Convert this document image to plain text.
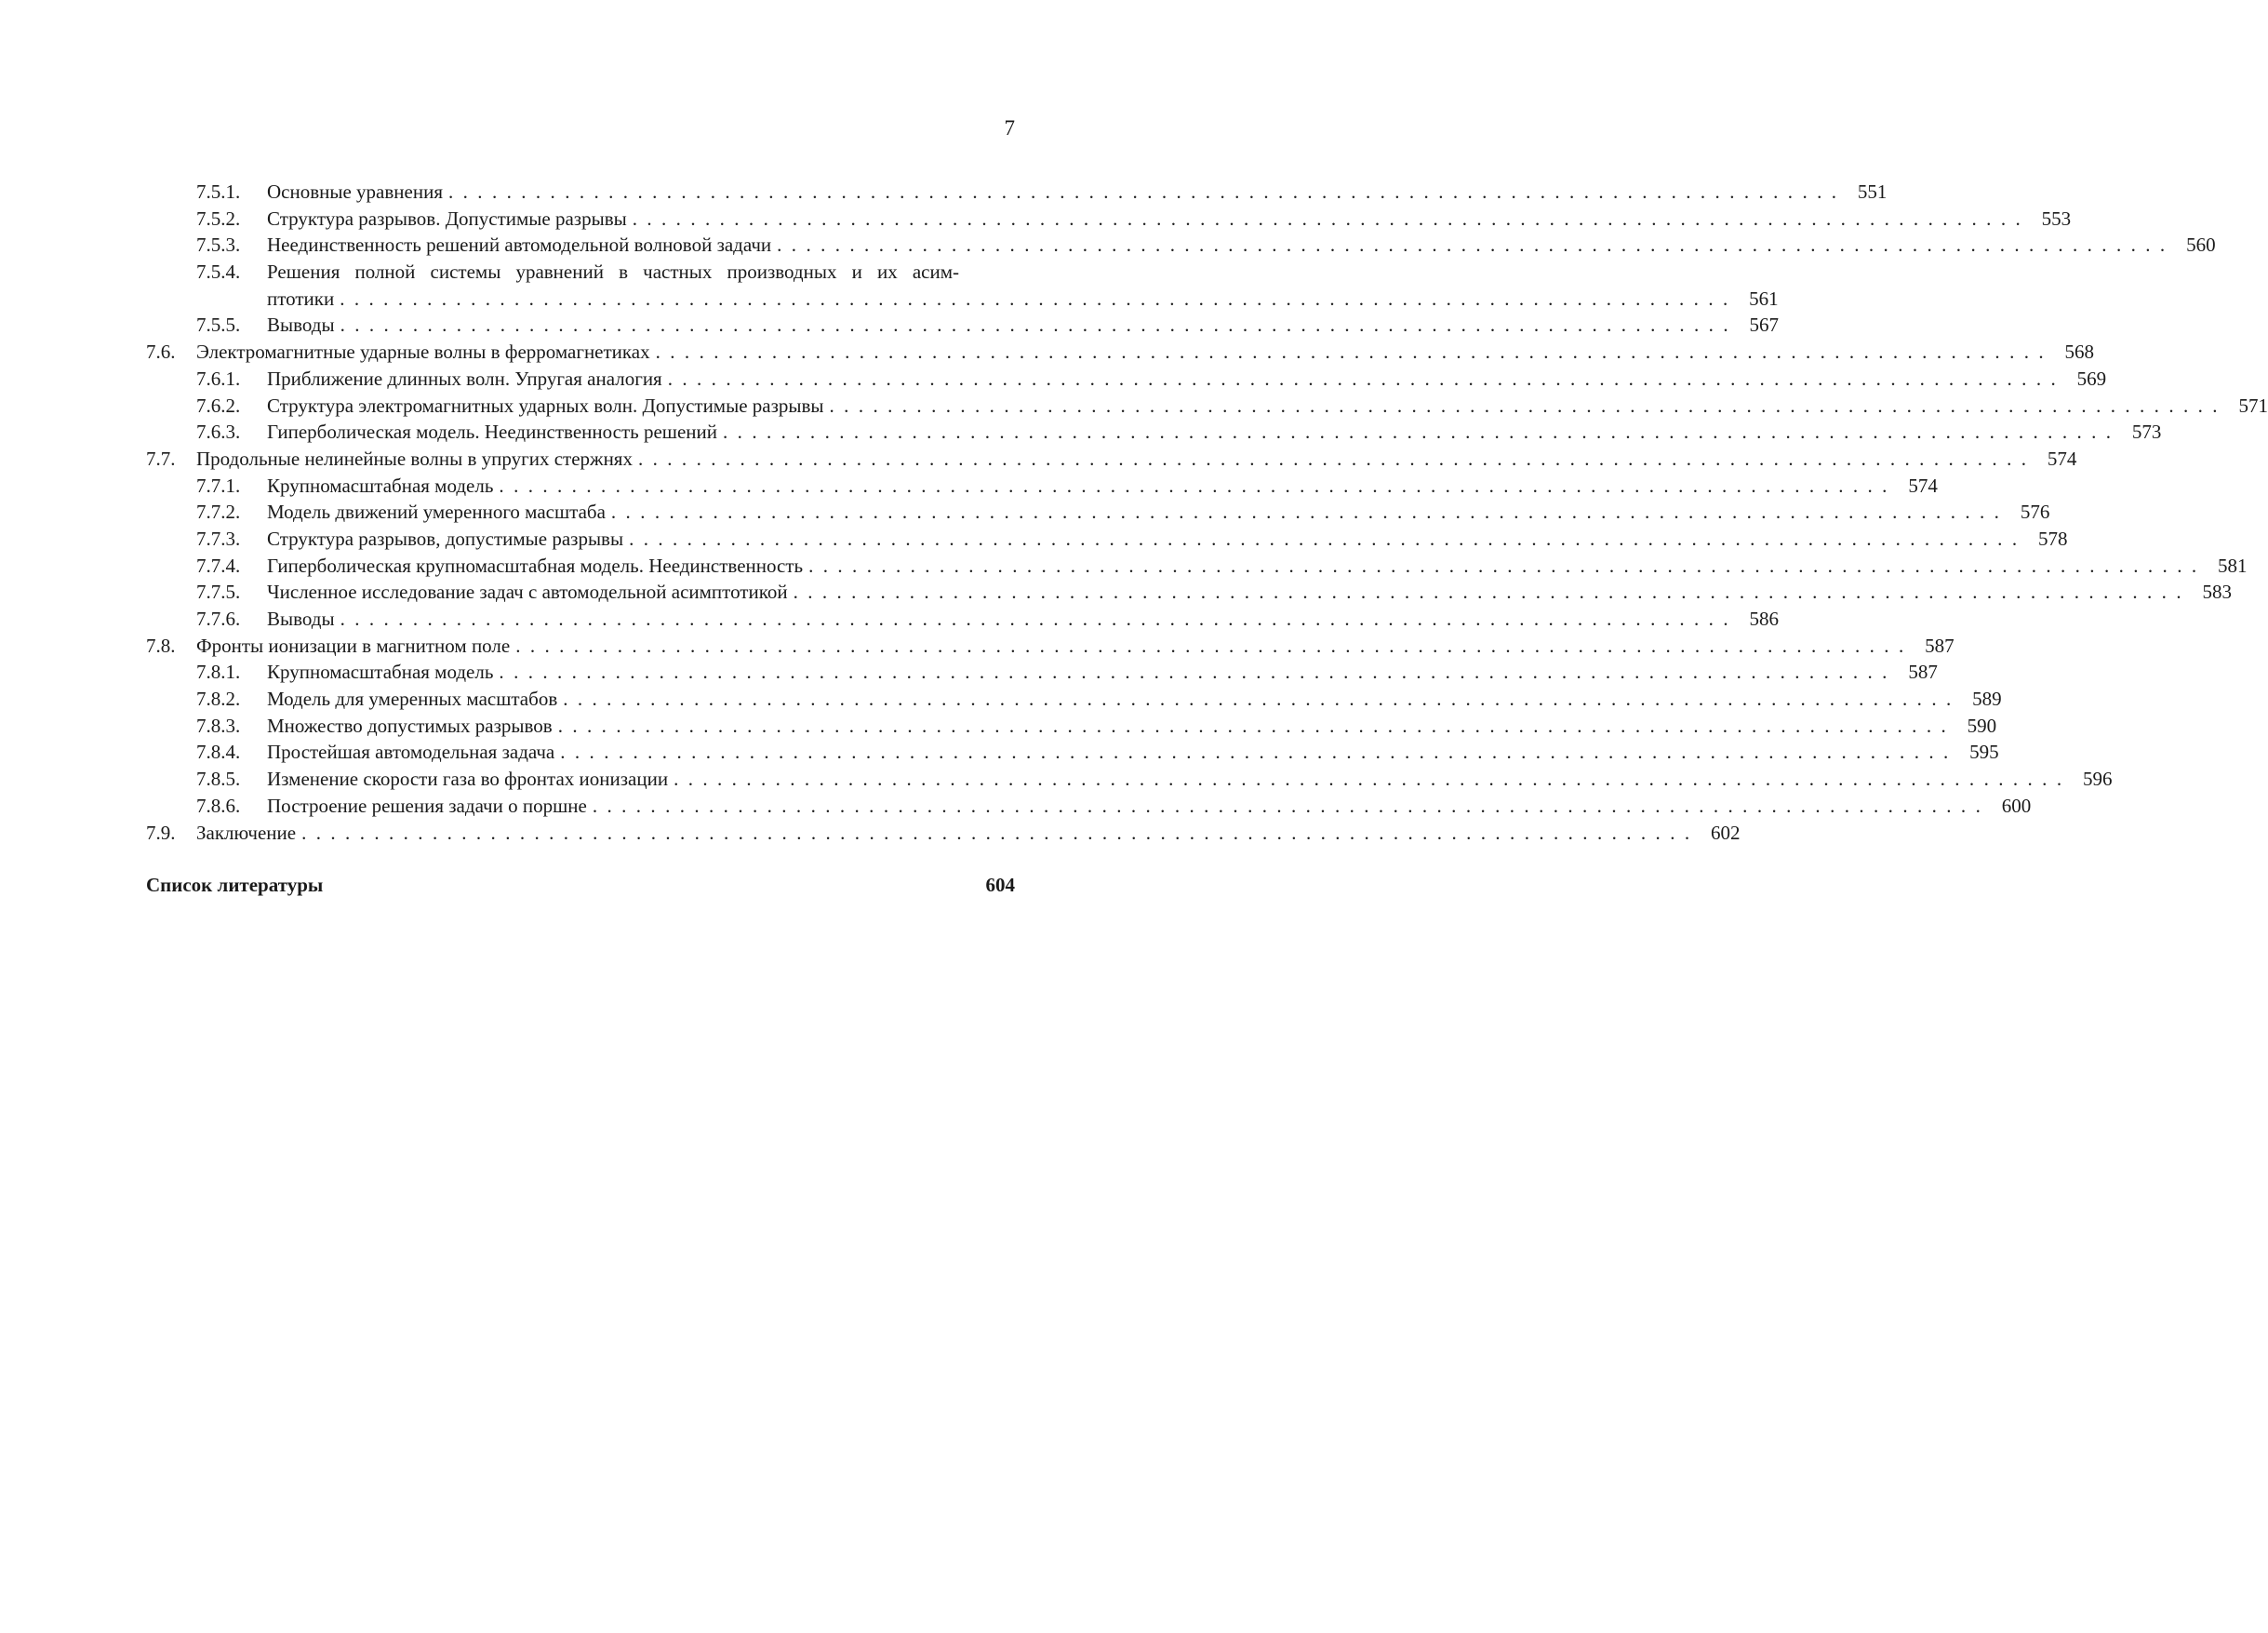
7
7.5.1. Основные уравнения ................................................................................................ 551
7.5.2. Структура разрывов. Допустимые разрывы ................................................................................................ 553
7.5.3. Неединственность решений автомодельной волновой задачи ................................................................................................ 560
7.5.4. Решения полной системы уравнений в частных производных и их асим-
птотики ................................................................................................ 561
7.5.5. Выводы ................................................................................................ 567
7.6. Электромагнитные ударные волны в ферромагнетиках ................................................................................................ 568
7.6.1. Приближение длинных волн. Упругая аналогия ................................................................................................ 569
7.6.2. Структура электромагнитных ударных волн. Допустимые разрывы ................................................................................................ 571
7.6.3. Гиперболическая модель. Неединственность решений ................................................................................................ 573
7.7. Продольные нелинейные волны в упругих стержнях ................................................................................................ 574
7.7.1. Крупномасштабная модель ................................................................................................ 574
7.7.2. Модель движений умеренного масштаба ................................................................................................ 576
7.7.3. Структура разрывов, допустимые разрывы ................................................................................................ 578
7.7.4. Гиперболическая крупномасштабная модель. Неединственность ................................................................................................ 581
7.7.5. Численное исследование задач с автомодельной асимптотикой ................................................................................................ 583
7.7.6. Выводы ................................................................................................ 586
7.8. Фронты ионизации в магнитном поле ................................................................................................ 587
7.8.1. Крупномасштабная модель ................................................................................................ 587
7.8.2. Модель для умеренных масштабов ................................................................................................ 589
7.8.3. Множество допустимых разрывов ................................................................................................ 590
7.8.4. Простейшая автомодельная задача ................................................................................................ 595
7.8.5. Изменение скорости газа во фронтах ионизации ................................................................................................ 596
7.8.6. Построение решения задачи о поршне ................................................................................................ 600
7.9. Заключение ................................................................................................ 602
Список литературы	604
